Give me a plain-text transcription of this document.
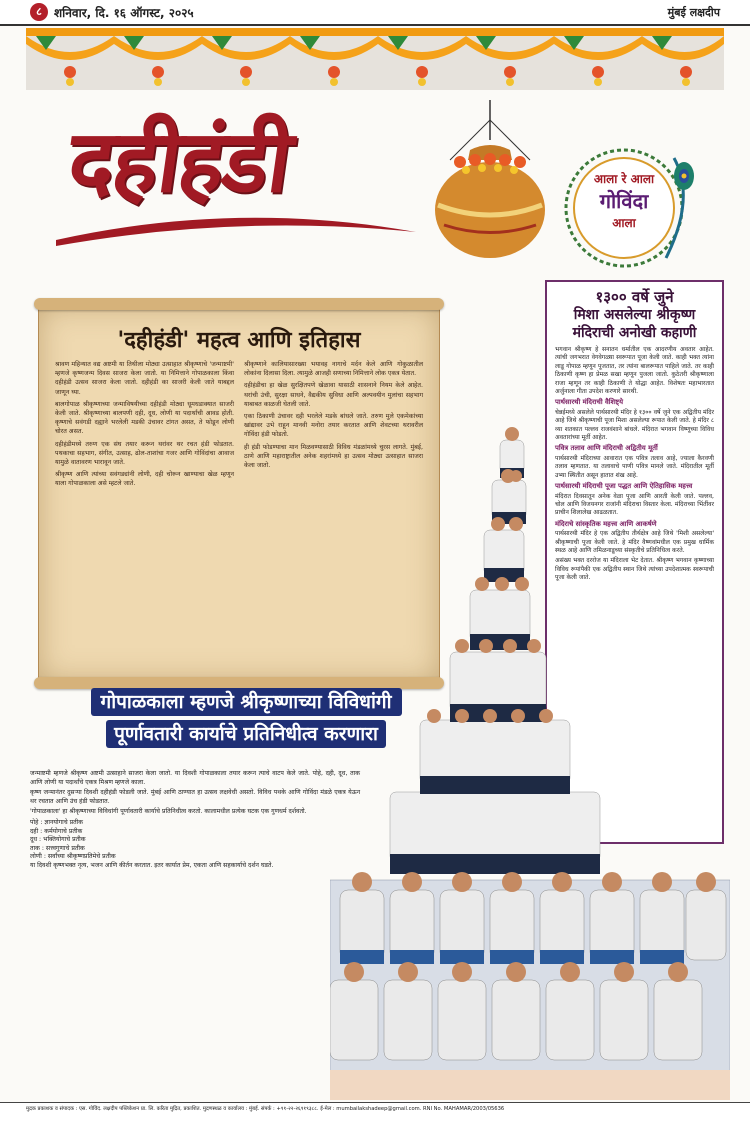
८	शनिवार, दि. १६ ऑगस्ट, २०२५	मुंबई लक्षदीप
दहीहंडी	आला रे आला
गोविंदा
आला
'दहीहंडी' महत्व आणि इतिहास

श्रावण महिन्यात वद्य अष्टमी या तिथीला मोठ्या उत्साहात श्रीकृष्णाचे 'जन्माष्टमी' म्हणजे कृष्णजन्म दिवस साजरा केला जातो. या निमित्ताने गोपाळकाला किंवा दहीहंडी उत्सव साजरा केला जातो. दहीहंडी का साजरी केली जाते याबद्दल जाणून घ्या.

बालगोपाळ श्रीकृष्णाच्या जन्माविषयीच्या दहीहंडी मोठ्या धूमधडाक्यात साजरी केली जाते. श्रीकृष्णाच्या बालपणी दही, दूध, लोणी या पदार्थांची आवड होती. कृष्णाचे सवंगडी दह्याने भरलेली मडकी उंचावर टांगत असत, ते फोडून लोणी चोरत असत.

दहीहंडीमध्ये तरुण एक संघ तयार करून थरांवर थर रचत हंडी फोडतात. पथकाचा सहभाग, संगीत, उत्साह, ढोल-ताशांचा गजर आणि गोविंदांचा आवाज यामुळे वातावरण भारावून जाते.

श्रीकृष्ण आणि त्यांच्या सवंगड्यांनी लोणी, दही चोरून खाण्याचा खेळ म्हणून याला गोपाळकाला असे म्हटले जाते.

श्रीकृष्णाने कालियासारख्या भयावह नागाचे मर्दन केले आणि गोकुळातील लोकांना दिलासा दिला. त्यामुळे आजही सणाच्या निमित्ताने लोक एकत्र येतात.

दहीहंडीचा हा खेळ सुरक्षितपणे खेळावा यासाठी शासनाने नियम केले आहेत. थरांची उंची, सुरक्षा साधने, वैद्यकीय सुविधा आणि अल्पवयीन मुलांचा सहभाग याबाबत काळजी घेतली जाते.

एका ठिकाणी उंचावर दही भरलेले मडके बांधले जाते. तरुण मुले एकमेकांच्या खांद्यावर उभे राहून मानवी मनोरा तयार करतात आणि शेवटच्या थरावरील गोविंदा हंडी फोडतो.

ही हंडी फोडण्याचा मान मिळवण्यासाठी विविध मंडळांमध्ये चुरस लागते. मुंबई, ठाणे आणि महाराष्ट्रातील अनेक शहरांमध्ये हा उत्सव मोठ्या उत्साहात साजरा केला जातो.

१३०० वर्षे जुने
मिशा असलेल्या श्रीकृष्ण
मंदिराची अनोखी कहाणी

भगवान श्रीकृष्ण हे सनातन धर्मातील एक आदरणीय अवतार आहेत. त्यांची जगभरात वेगवेगळ्या स्वरूपात पूजा केली जाते. काही भक्त त्यांना लाडू गोपाळ म्हणून पूजतात, तर त्यांना बालरूपात पाहिले जाते. तर काही ठिकाणी कृष्ण हा प्रेमळ सखा म्हणून पुजला जातो. कुठेतरी श्रीकृष्णाला राजा म्हणून तर काही ठिकाणी ते योद्धा आहेत. विशेषतः महाभारतात अर्जुनाला गीता उपदेश करणारे सारथी.

पार्थसारथी मंदिराची वैशिष्ट्ये

चेन्नईमध्ये असलेले पार्थसारथी मंदिर हे १३०० वर्षे जुने एक अद्वितीय मंदिर आहे जिथे श्रीकृष्णाची पूजा मिशा असलेल्या रूपात केली जाते. हे मंदिर ८ व्या शतकात पल्लव राजवंशाने बांधले. मंदिरात भगवान विष्णूच्या विविध अवतारांच्या मूर्ती आहेत.

पवित्र तलाव आणि मंदिराची अद्वितीय मूर्ती

पार्थसारथी मंदिराच्या आवारात एक पवित्र तलाव आहे, ज्याला कैरवणी तलाव म्हणतात. या तलावाचे पाणी पवित्र मानले जाते. मंदिरातील मूर्ती उभ्या स्थितीत असून हातात शंख आहे.

पार्थसारथी मंदिराची पूजा पद्धत आणि ऐतिहासिक महत्त्व

मंदिरात दिवसातून अनेक वेळा पूजा आणि आरती केली जाते. पल्लव, चोल आणि विजयनगर राजांनी मंदिराचा विस्तार केला. मंदिराच्या भिंतींवर प्राचीन शिलालेख आढळतात.

मंदिराचे सांस्कृतिक महत्त्व आणि आकर्षणे

पार्थसारथी मंदिर हे एक अद्वितीय तीर्थक्षेत्र आहे जिथे 'मिशी असलेल्या' श्रीकृष्णाची पूजा केली जाते. हे मंदिर वैष्णवांमधील एक प्रमुख धार्मिक स्थळ आहे आणि तमिळनाडूच्या संस्कृतीचे प्रतिनिधित्व करते.

असंख्य भक्त दररोज या मंदिराला भेट देतात. श्रीकृष्ण भगवान कृष्णाच्या विविध रूपांपैकी एक अद्वितीय स्थान जिथे त्यांच्या उपदेशात्मक स्वरूपाची पूजा केली जाते.

गोपाळकाला म्हणजे श्रीकृष्णाच्या विविधांगी पूर्णावतारी कार्याचे प्रतिनिधीत्व करणारा

जन्माष्टमी म्हणजे श्रीकृष्ण अष्टमी उत्साहाने साजरा केला जातो. या दिवशी गोपाळकाला तयार करून त्याचे वाटप केले जाते. पोहे, दही, दूध, ताक आणि लोणी या पदार्थांचे एकत्र मिश्रण म्हणजे काला.

कृष्ण जन्मानंतर दुसऱ्या दिवशी दहीहंडी फोडली जाते. मुंबई आणि ठाण्यात हा उत्सव लक्षवेधी असतो. विविध पथके आणि गोविंदा मंडळे एकत्र येऊन थर रचतात आणि उंच हंडी फोडतात.

'गोपाळकाला' हा श्रीकृष्णाच्या विविधांगी पूर्णावतारी कार्याचे प्रतिनिधीत्व करतो. कालामधील प्रत्येक घटक एक गुणधर्म दर्शवतो.

पोहे : ज्ञानयोगाचे प्रतीक
दही : कर्मयोगाचे प्रतीक
दूध : भक्तियोगाचे प्रतीक
ताक : सत्त्वगुणाचे प्रतीक
लोणी : सर्वांच्या श्रीकृष्णप्रतिमेचे प्रतीक

या दिवशी कृष्णभक्त नृत्य, भजन आणि कीर्तन करतात. इतर कार्यात प्रेम, एकता आणि सहकार्याचे दर्शन घडते.

मुद्रक प्रकाशक व संपादक : एस. गोविंद. लक्षदीप पब्लिकेशन प्रा. लि. करिता मुद्रित, प्रकाशित. मुद्रणस्थळ व कार्यालय : मुंबई. संपर्क : +९१-२२-२६९१९३८८. ई-मेल : mumbailakshadeep@gmail.com. RNI No. MAHAMAR/2003/05636
